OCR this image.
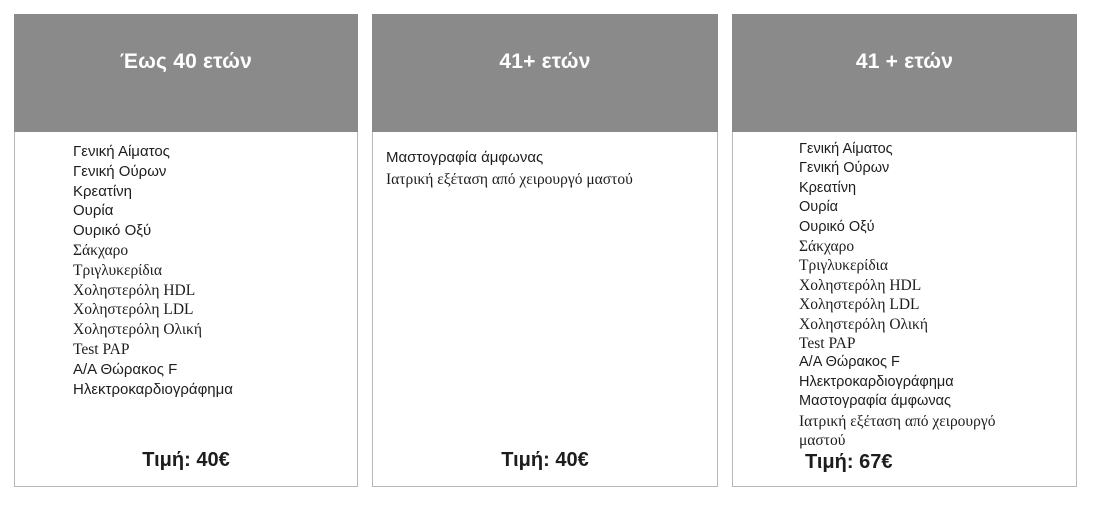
Έως 40 ετών
Γενική Αίματος
Γενική Ούρων
Κρεατίνη
Ουρία
Ουρικό Οξύ
Σάκχαρο
Τριγλυκερίδια
Χοληστερόλη HDL
Χοληστερόλη LDL
Χοληστερόλη Ολική
Test PAP
Α/Α Θώρακος F
Ηλεκτροκαρδιογράφημα
Τιμή: 40€
41+ ετών
Μαστογραφία άμφωνας
Ιατρική εξέταση από χειρουργό μαστού
Τιμή: 40€
41 + ετών
Γενική Αίματος
Γενική Ούρων
Κρεατίνη
Ουρία
Ουρικό Οξύ
Σάκχαρο
Τριγλυκερίδια
Χοληστερόλη HDL
Χοληστερόλη LDL
Χοληστερόλη Ολική
Test PAP
Α/Α Θώρακος F
Ηλεκτροκαρδιογράφημα
Μαστογραφία άμφωνας
Ιατρική εξέταση από χειρουργό μαστού
Τιμή: 67€
